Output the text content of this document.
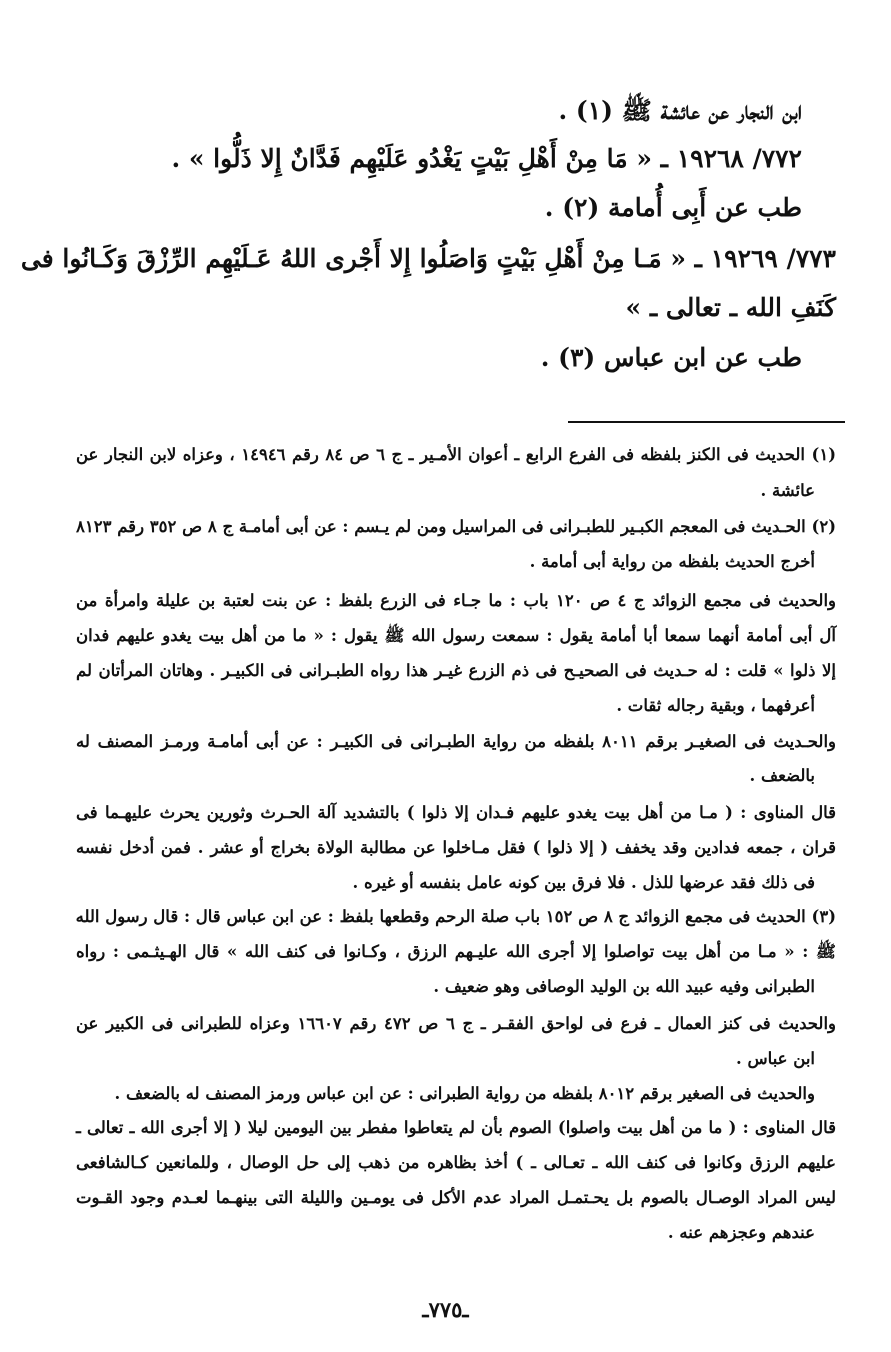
ابن النجار عن عائشة ﷺ (١) .
٧٧٢/ ١٩٢٦٨ ـ « مَا مِنْ أَهْلِ بَيْتٍ يَغْدُو عَلَيْهِم فَدَّانٌ إِلا ذَلُّوا » .
طب عن أَبِى أُمامة (٢) .
٧٧٣/ ١٩٢٦٩ ـ « مَـا مِنْ أَهْلِ بَيْتٍ وَاصَلُوا إِلا أَجْرى اللهُ عَـلَيْهِم الرِّزْقَ وَكَـانُوا فى
كَنَفِ الله ـ تعالى ـ »
طب عن ابن عباس (٣) .
(١) الحديث فى الكنز بلفظه فى الفرع الرابع ـ أعوان الأمـير ـ ج ٦ ص ٨٤ رقم ١٤٩٤٦ ، وعزاه لابن النجار عن
عائشة .
(٢) الحـديث فى المعجم الكبـير للطبـرانى فى المراسيل ومن لم يـسم : عن أبى أمامـة ج ٨ ص ٣٥٢ رقم ٨١٢٣
أخرج الحديث بلفظه من رواية أبى أمامة .
والحديث فى مجمع الزوائد ج ٤ ص ١٢٠ باب : ما جـاء فى الزرع بلفظ : عن بنت لعتبة بن عليلة وامرأة من
آل أبى أمامة أنهما سمعا أبا أمامة يقول : سمعت رسول الله ﷺ يقول : « ما من أهل بيت يغدو عليهم فدان
إلا ذلوا » قلت : له حـديث فى الصحيـح فى ذم الزرع غيـر هذا رواه الطبـرانى فى الكبيـر . وهاتان المرأتان لم
أعرفهما ، وبقية رجاله ثقات .
والحـديث فى الصغيـر برقم ٨٠١١ بلفظه من رواية الطبـرانى فى الكبيـر : عن أبى أمامـة ورمـز المصنف له
بالضعف .
قال المناوى : ( مـا من أهل بيت يغدو عليهم فـدان إلا ذلوا ) بالتشديد آلة الحـرث وثورين يحرث عليهـما فى
قران ، جمعه فدادين وقد يخفف ( إلا ذلوا ) فقل مـاخلوا عن مطالبة الولاة بخراج أو عشر . فمن أدخل نفسه
فى ذلك فقد عرضها للذل . فلا فرق بين كونه عامل بنفسه أو غيره .
(٣) الحديث فى مجمع الزوائد ج ٨ ص ١٥٢ باب صلة الرحم وقطعها بلفظ : عن ابن عباس قال : قال رسول الله
ﷺ : « مـا من أهل بيت تواصلوا إلا أجرى الله عليـهم الرزق ، وكـانوا فى كنف الله » قال الهـيثـمى : رواه
الطبرانى وفيه عبيد الله بن الوليد الوصافى وهو ضعيف .
والحديث فى كنز العمال ـ فرع فى لواحق الفقـر ـ ج ٦ ص ٤٧٢ رقم ١٦٦٠٧ وعزاه للطبرانى فى الكبير عن
ابن عباس .
والحديث فى الصغير برقم ٨٠١٢ بلفظه من رواية الطبرانى : عن ابن عباس ورمز المصنف له بالضعف .
قال المناوى : ( ما من أهل بيت واصلوا) الصوم بأن لم يتعاطوا مفطر بين اليومين ليلا ( إلا أجرى الله ـ تعالى ـ
عليهم الرزق وكانوا فى كنف الله ـ تعـالى ـ ) أخذ بظاهره من ذهب إلى حل الوصال ، وللمانعين كـالشافعى
ليس المراد الوصـال بالصوم بل يحـتمـل المراد عدم الأكل فى يومـين والليلة التى بينهـما لعـدم وجود القـوت
عندهم وعجزهم عنه .
ـ٧٧٥ـ
